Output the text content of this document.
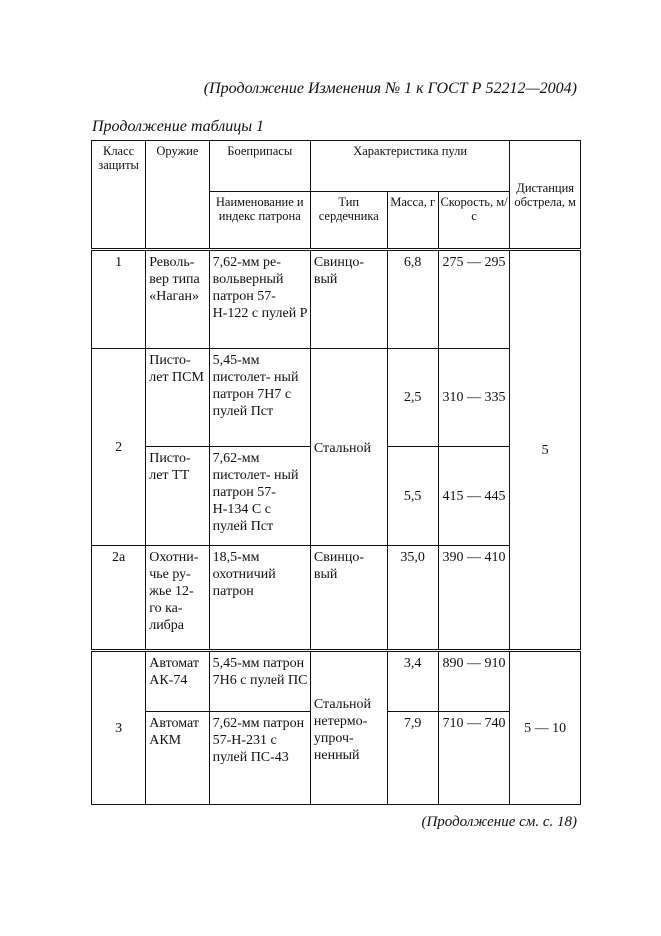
(Продолжение Изменения № 1 к ГОСТ Р 52212—2004)
Продолжение таблицы 1
Класс защиты	Оружие	Боеприпасы	Характеристика пули			Дистанция обстрела, м
		Наименование и индекс патрона	Тип сердечника	Масса, г	Скорость, м/с	
1	Револь- вер типа «Наган»	7,62-мм ре- вольверный патрон 57-Н-122 с пулей Р	Свинцо- вый	6,8	275 — 295	5
2	Писто- лет ПСМ	5,45-мм пистолет- ный патрон 7Н7 с пулей Пст	Стальной	2,5	310 — 335	
	Писто- лет ТТ	7,62-мм пистолет- ный патрон 57-Н-134 С с пулей Пст		5,5	415 — 445	
2а	Охотни- чье ру- жье 12- го ка- либра	18,5-мм охотничий патрон	Свинцо- вый	35,0	390 — 410	
3	Автомат АК-74	5,45-мм патрон 7Н6 с пулей ПС	Стальной нетермо- упроч- ненный	3,4	890 — 910	5 — 10
	Автомат АКМ	7,62-мм патрон 57-Н-231 с пулей ПС-43		7,9	710 — 740	
(Продолжение см. с. 18)
